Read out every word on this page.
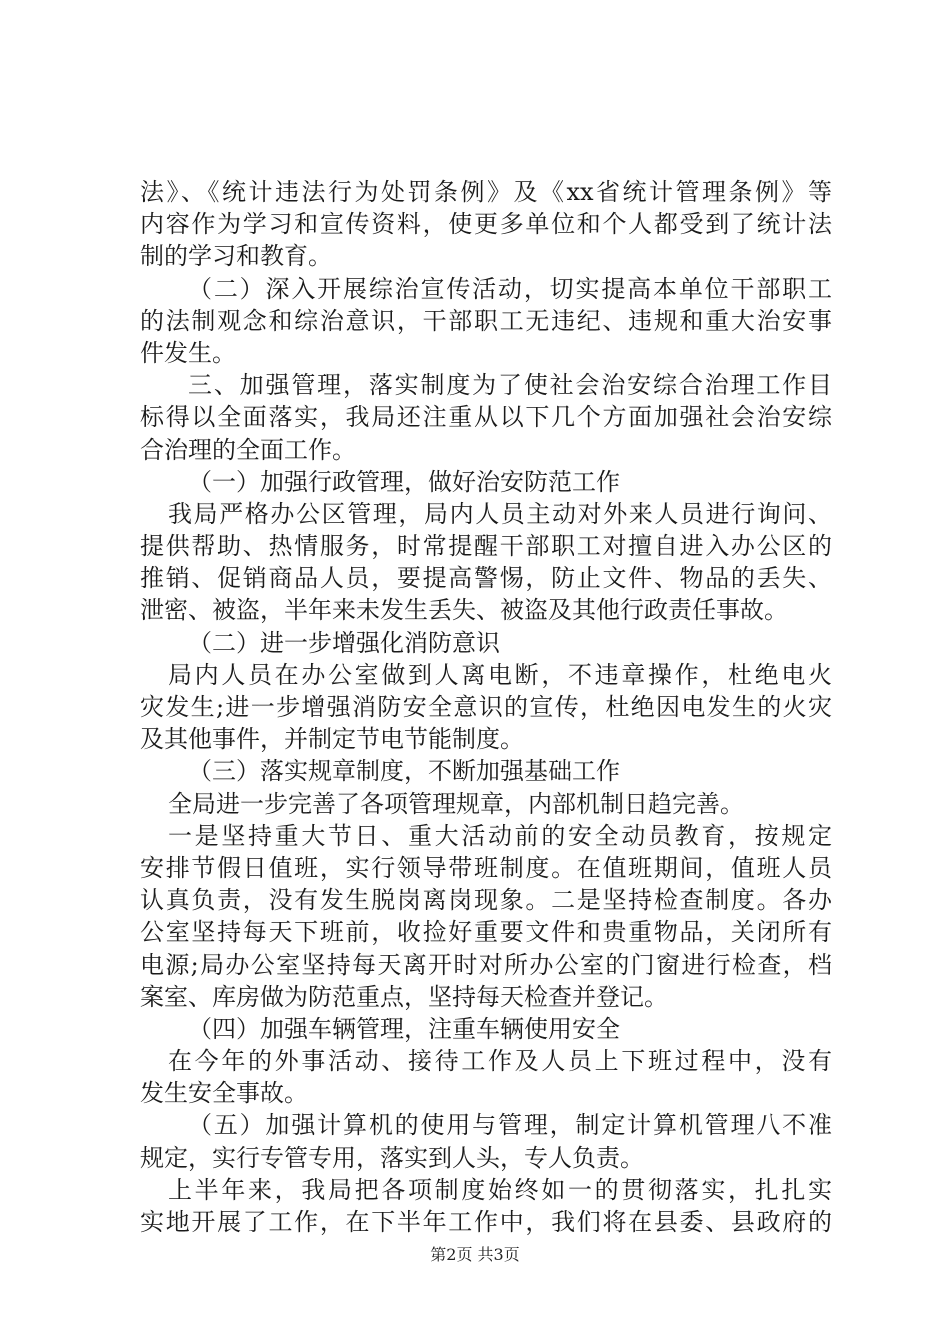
法》、《统计违法行为处罚条例》及《xx省统计管理条例》等
内容作为学习和宣传资料，使更多单位和个人都受到了统计法
制的学习和教育。
（二）深入开展综治宣传活动，切实提高本单位干部职工
的法制观念和综治意识，干部职工无违纪、违规和重大治安事
件发生。
三、加强管理，落实制度为了使社会治安综合治理工作目
标得以全面落实，我局还注重从以下几个方面加强社会治安综
合治理的全面工作。
（一）加强行政管理，做好治安防范工作
我局严格办公区管理，局内人员主动对外来人员进行询问、
提供帮助、热情服务，时常提醒干部职工对擅自进入办公区的
推销、促销商品人员，要提高警惕，防止文件、物品的丢失、
泄密、被盗，半年来未发生丢失、被盗及其他行政责任事故。
（二）进一步增强化消防意识
局内人员在办公室做到人离电断，不违章操作，杜绝电火
灾发生;进一步增强消防安全意识的宣传，杜绝因电发生的火灾
及其他事件，并制定节电节能制度。
（三）落实规章制度，不断加强基础工作
全局进一步完善了各项管理规章，内部机制日趋完善。
一是坚持重大节日、重大活动前的安全动员教育，按规定
安排节假日值班，实行领导带班制度。在值班期间，值班人员
认真负责，没有发生脱岗离岗现象。二是坚持检查制度。各办
公室坚持每天下班前，收捡好重要文件和贵重物品，关闭所有
电源;局办公室坚持每天离开时对所办公室的门窗进行检查，档
案室、库房做为防范重点，坚持每天检查并登记。
（四）加强车辆管理，注重车辆使用安全
在今年的外事活动、接待工作及人员上下班过程中，没有
发生安全事故。
（五）加强计算机的使用与管理，制定计算机管理八不准
规定，实行专管专用，落实到人头，专人负责。
上半年来，我局把各项制度始终如一的贯彻落实，扎扎实
实地开展了工作，在下半年工作中，我们将在县委、县政府的
第2页 共3页
